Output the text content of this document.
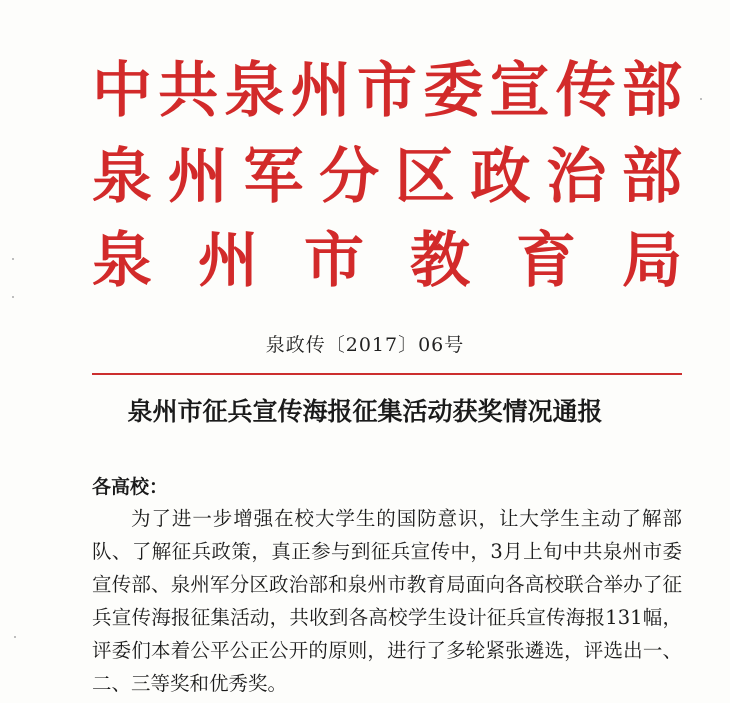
中 共 泉 州 市 委 宣 传 部
泉 州 军 分 区 政 治 部
泉 州 市 教 育 局
泉政传〔2017〕06号
泉州市征兵宣传海报征集活动获奖情况通报
各高校：

为了进一步增强在校大学生的国防意识，让大学生主动了解部队、了解征兵政策，真正参与到征兵宣传中，3月上旬中共泉州市委宣传部、泉州军分区政治部和泉州市教育局面向各高校联合举办了征兵宣传海报征集活动，共收到各高校学生设计征兵宣传海报131幅，评委们本着公平公正公开的原则，进行了多轮紧张遴选，评选出一、二、三等奖和优秀奖。
